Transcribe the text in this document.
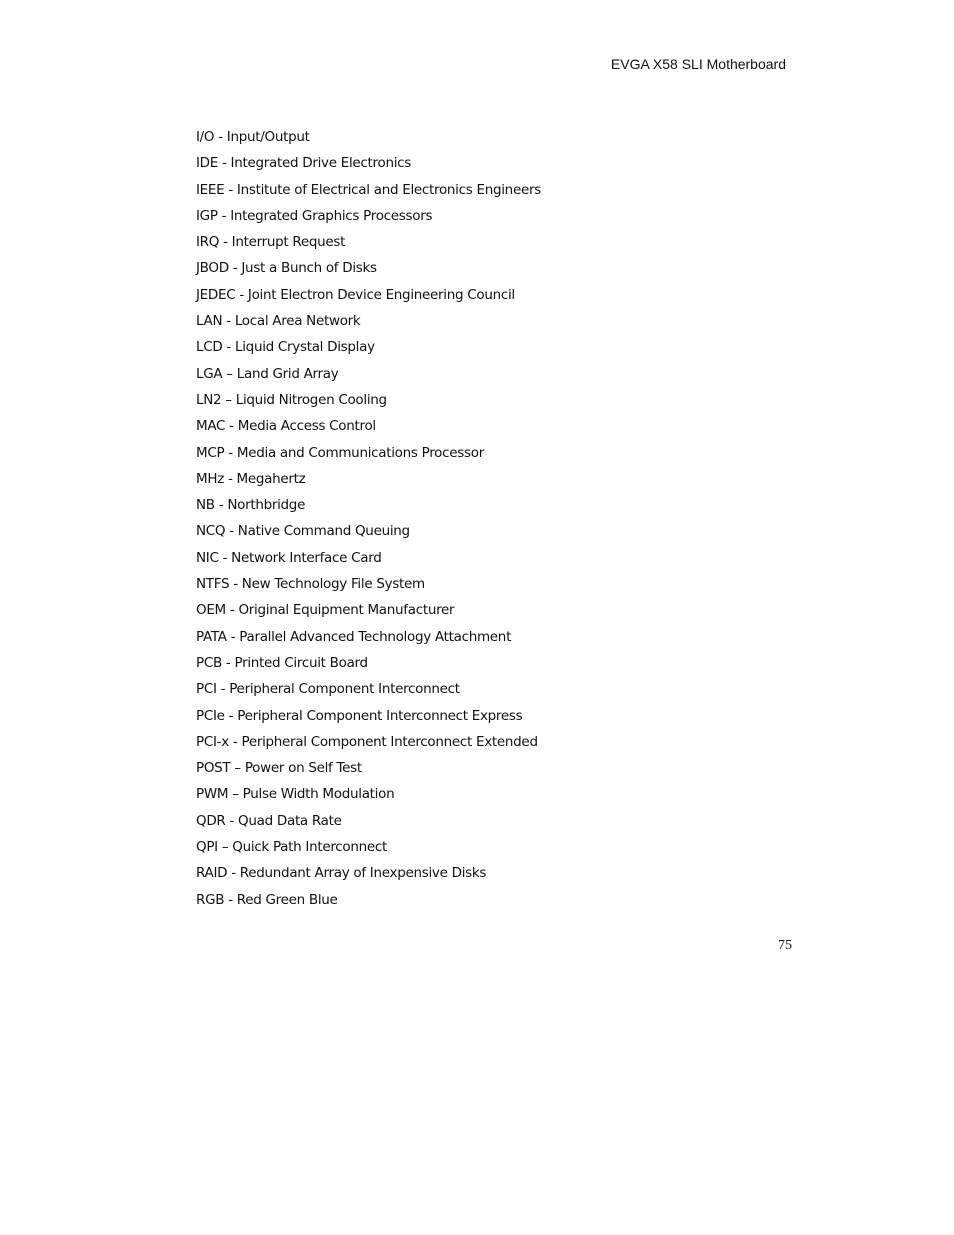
EVGA X58 SLI Motherboard
I/O - Input/Output
IDE - Integrated Drive Electronics
IEEE - Institute of Electrical and Electronics Engineers
IGP - Integrated Graphics Processors
IRQ - Interrupt Request
JBOD - Just a Bunch of Disks
JEDEC - Joint Electron Device Engineering Council
LAN - Local Area Network
LCD - Liquid Crystal Display
LGA – Land Grid Array
LN2 – Liquid Nitrogen Cooling
MAC - Media Access Control
MCP - Media and Communications Processor
MHz - Megahertz
NB - Northbridge
NCQ - Native Command Queuing
NIC - Network Interface Card
NTFS - New Technology File System
OEM - Original Equipment Manufacturer
PATA - Parallel Advanced Technology Attachment
PCB - Printed Circuit Board
PCI - Peripheral Component Interconnect
PCIe - Peripheral Component Interconnect Express
PCI-x - Peripheral Component Interconnect Extended
POST – Power on Self Test
PWM – Pulse Width Modulation
QDR - Quad Data Rate
QPI – Quick Path Interconnect
RAID - Redundant Array of Inexpensive Disks
RGB - Red Green Blue
75
